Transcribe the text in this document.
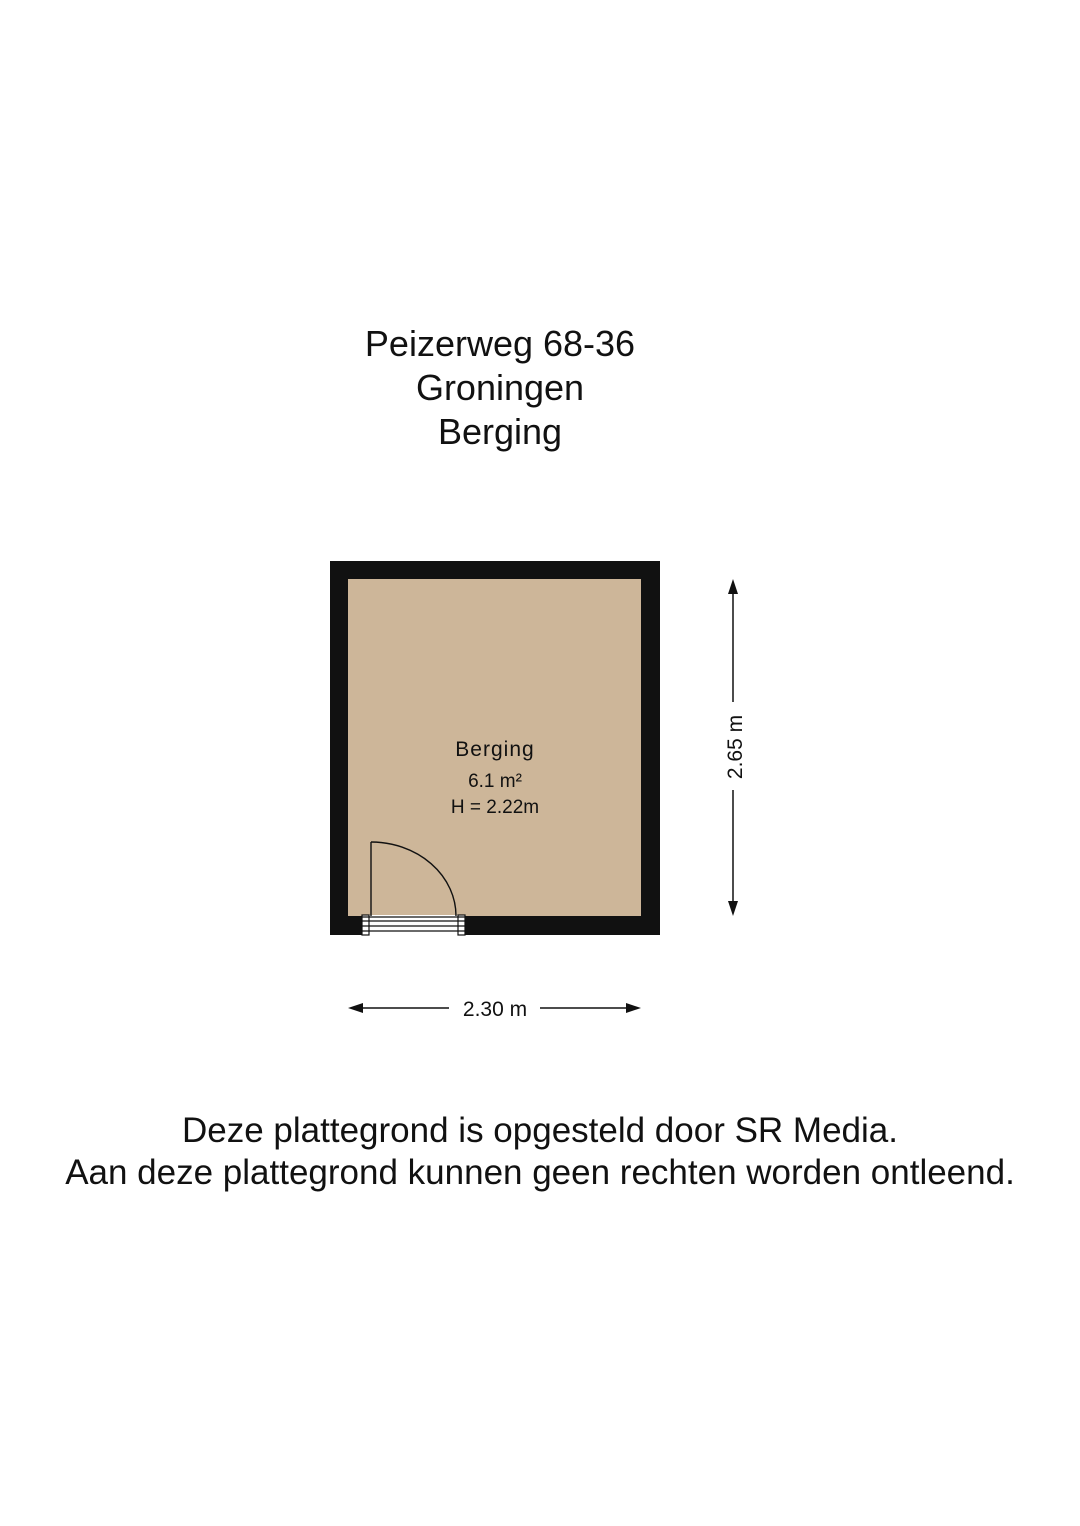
Peizerweg 68-36
Groningen
Berging
Berging
6.1 m²
H = 2.22m
2.65 m
2.30 m
Deze plattegrond is opgesteld door SR Media.
Aan deze plattegrond kunnen geen rechten worden ontleend.
